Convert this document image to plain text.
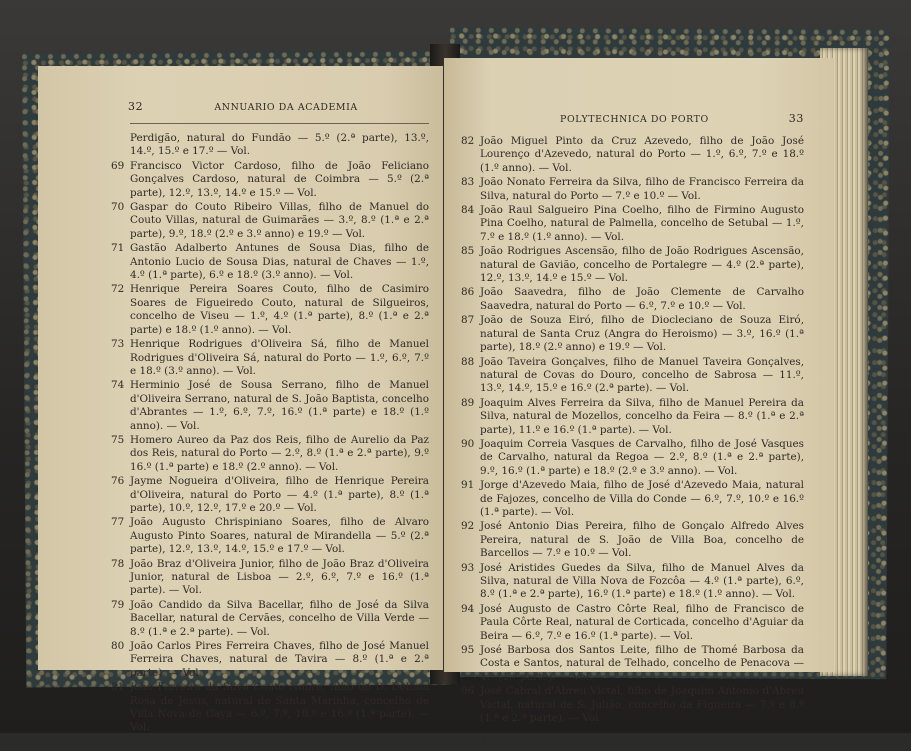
32	ANNUARIO DA ACADEMIA
Perdigão, natural do Fundão — 5.º (2.ª parte), 13.º, 14.º, 15.º e 17.º — Vol.
69 Francisco Victor Cardoso, filho de João Feliciano Gonçalves Cardoso, natural de Coimbra — 5.º (2.ª parte), 12.º, 13.º, 14.º e 15.º — Vol.
70 Gaspar do Couto Ribeiro Villas, filho de Manuel do Couto Villas, natural de Guimarães — 3.º, 8.º (1.ª e 2.ª parte), 9.º, 18.º (2.º e 3.º anno) e 19.º — Vol.
71 Gastão Adalberto Antunes de Sousa Dias, filho de Antonio Lucio de Sousa Dias, natural de Chaves — 1.º, 4.º (1.ª parte), 6.º e 18.º (3.º anno). — Vol.
72 Henrique Pereira Soares Couto, filho de Casimiro Soares de Figueiredo Couto, natural de Silgueiros, concelho de Viseu — 1.º, 4.º (1.ª parte), 8.º (1.ª e 2.ª parte) e 18.º (1.º anno). — Vol.
73 Henrique Rodrigues d'Oliveira Sá, filho de Manuel Rodrigues d'Oliveira Sá, natural do Porto — 1.º, 6.º, 7.º e 18.º (3.º anno). — Vol.
74 Herminio José de Sousa Serrano, filho de Manuel d'Oliveira Serrano, natural de S. João Baptista, concelho d'Abrantes — 1.º, 6.º, 7.º, 16.º (1.ª parte) e 18.º (1.º anno). — Vol.
75 Homero Aureo da Paz dos Reis, filho de Aurelio da Paz dos Reis, natural do Porto — 2.º, 8.º (1.ª e 2.ª parte), 9.º 16.º (1.ª parte) e 18.º (2.º anno). — Vol.
76 Jayme Nogueira d'Oliveira, filho de Henrique Pereira d'Oliveira, natural do Porto — 4.º (1.ª parte), 8.º (1.ª parte), 10.º, 12.º, 17.º e 20.º — Vol.
77 João Augusto Chrispiniano Soares, filho de Alvaro Augusto Pinto Soares, natural de Mirandella — 5.º (2.ª parte), 12.º, 13.º, 14.º, 15.º e 17.º — Vol.
78 João Braz d'Oliveira Junior, filho de João Braz d'Oliveira Junior, natural de Lisboa — 2.º, 6.º, 7.º e 16.º (1.ª parte). — Vol.
79 João Candido da Silva Bacellar, filho de José da Silva Bacellar, natural de Cervães, concelho de Villa Verde — 8.º (1.ª e 2.ª parte). — Vol.
80 João Carlos Pires Ferreira Chaves, filho de José Manuel Ferreira Chaves, natural de Tavira — 8.º (1.ª e 2.ª parte). — Vol.
81 João Ferreira da Silva Couto Nobre, filho de D. Delfina Rosa de Jesus, natural de Santa Marinha, concelho de Villa Nova de Gaya — 6.º, 7.º, 10.º e 16.º (1.ª parte). — Vol.
POLYTECHNICA DO PORTO	33
82 João Miguel Pinto da Cruz Azevedo, filho de João José Lourenço d'Azevedo, natural do Porto — 1.º, 6.º, 7.º e 18.º (1.º anno). — Vol.
83 João Nonato Ferreira da Silva, filho de Francisco Ferreira da Silva, natural do Porto — 7.º e 10.º — Vol.
84 João Raul Salgueiro Pina Coelho, filho de Firmino Augusto Pina Coelho, natural de Palmella, concelho de Setubal — 1.º, 7.º e 18.º (1.º anno). — Vol.
85 João Rodrigues Ascensão, filho de João Rodrigues Ascensão, natural de Gavião, concelho de Portalegre — 4.º (2.ª parte), 12.º, 13.º, 14.º e 15.º — Vol.
86 João Saavedra, filho de João Clemente de Carvalho Saavedra, natural do Porto — 6.º, 7.º e 10.º — Vol.
87 João de Souza Eiró, filho de Diocleciano de Souza Eiró, natural de Santa Cruz (Angra do Heroismo) — 3.º, 16.º (1.ª parte), 18.º (2.º anno) e 19.º — Vol.
88 João Taveira Gonçalves, filho de Manuel Taveira Gonçalves, natural de Covas do Douro, concelho de Sabrosa — 11.º, 13.º, 14.º, 15.º e 16.º (2.ª parte). — Vol.
89 Joaquim Alves Ferreira da Silva, filho de Manuel Pereira da Silva, natural de Mozellos, concelho da Feira — 8.º (1.ª e 2.ª parte), 11.º e 16.º (1.ª parte). — Vol.
90 Joaquim Correia Vasques de Carvalho, filho de José Vasques de Carvalho, natural da Regoa — 2.º, 8.º (1.ª e 2.ª parte), 9.º, 16.º (1.ª parte) e 18.º (2.º e 3.º anno). — Vol.
91 Jorge d'Azevedo Maia, filho de José d'Azevedo Maia, natural de Fajozes, concelho de Villa do Conde — 6.º, 7.º, 10.º e 16.º (1.ª parte). — Vol.
92 José Antonio Dias Pereira, filho de Gonçalo Alfredo Alves Pereira, natural de S. João de Villa Boa, concelho de Barcellos — 7.º e 10.º — Vol.
93 José Aristides Guedes da Silva, filho de Manuel Alves da Silva, natural de Villa Nova de Fozcôa — 4.º (1.ª parte), 6.º, 8.º (1.ª e 2.ª parte), 16.º (1.ª parte) e 18.º (1.º anno). — Vol.
94 José Augusto de Castro Côrte Real, filho de Francisco de Paula Côrte Real, natural de Corticada, concelho d'Aguiar da Beira — 6.º, 7.º e 16.º (1.ª parte). — Vol.
95 José Barbosa dos Santos Leite, filho de Thomé Barbosa da Costa e Santos, natural de Telhado, concelho de Penacova — 4.º (1.ª parte). — Vol.
96 José Cabral d'Abreu Victal, filho de Joaquim Antonio d'Abreu Victal, natural de S. Julião, concelho da Figueira — 7.º e 8.º (1.ª e 2.ª parte). — Vol.
3
